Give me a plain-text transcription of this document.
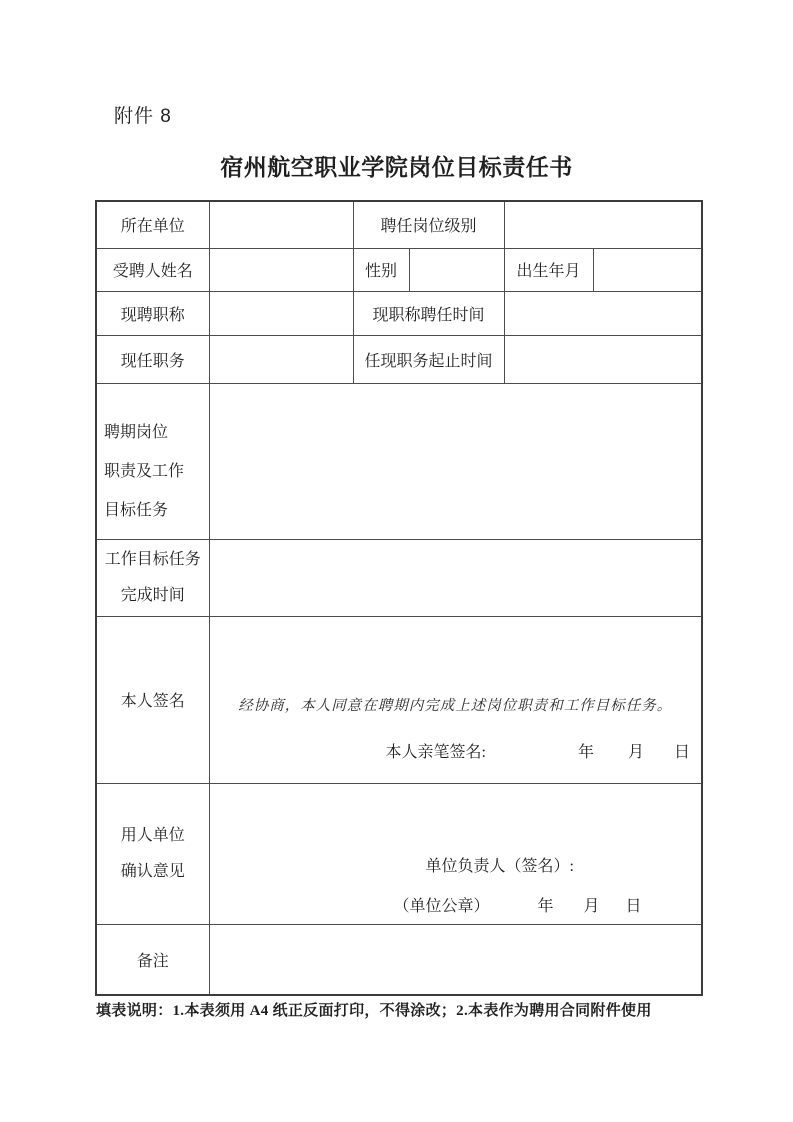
附件 8
宿州航空职业学院岗位目标责任书
所在单位		聘任岗位级别			
受聘人姓名		性别		出生年月	
现聘职称		现职称聘任时间			
现任职务		任现职务起止时间			

聘期岗位
职责及工作
目标任务					

工作目标任务
完成时间					

本人签名	经协商，本人同意在聘期内完成上述岗位职责和工作目标任务。
本人亲笔签名: 年 月 日				

用人单位
确认意见	单位负责人（签名）:
（单位公章）	年 月 日

备注					
填表说明：1.本表须用 A4 纸正反面打印，不得涂改；2.本表作为聘用合同附件使用
